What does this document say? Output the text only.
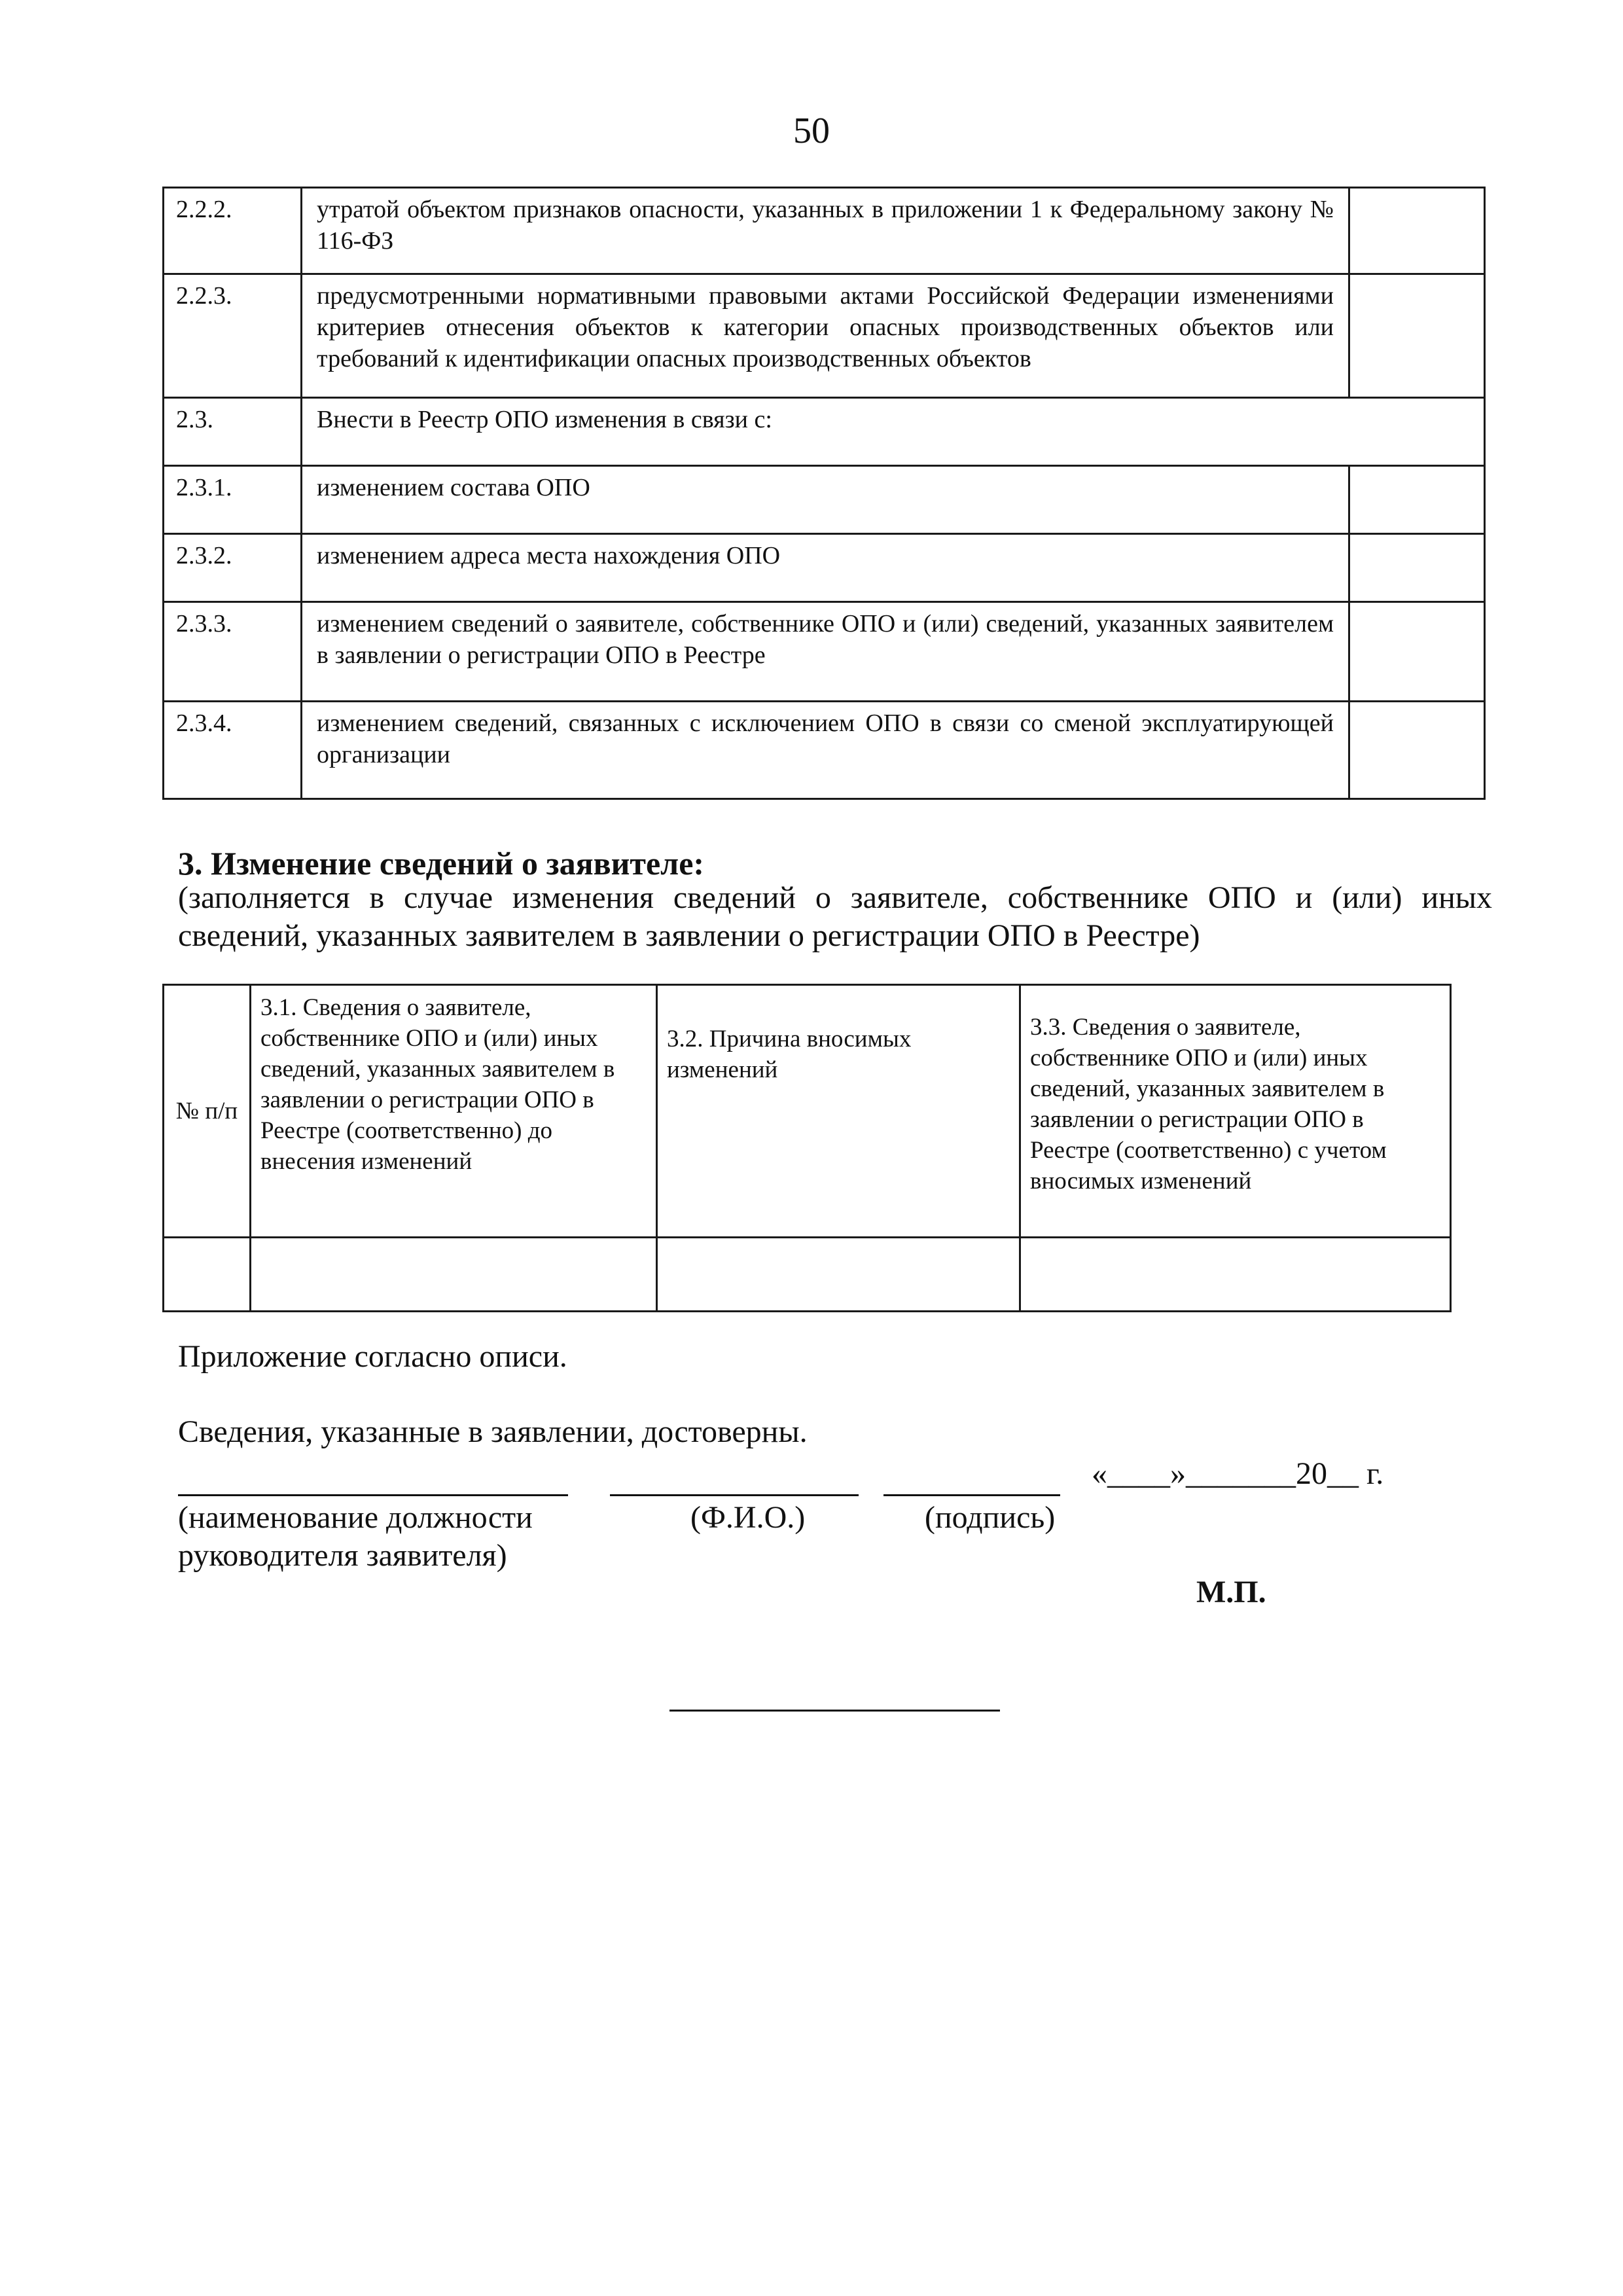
50
2.2.2.	утратой объектом признаков опасности, указанных в приложении 1 к Федеральному закону № 116-ФЗ	
2.2.3.	предусмотренными нормативными правовыми актами Российской Федерации изменениями критериев отнесения объектов к категории опасных производственных объектов или требований к идентификации опасных производственных объектов	
2.3.	Внести в Реестр ОПО изменения в связи с:	
2.3.1.	изменением состава ОПО	
2.3.2.	изменением адреса места нахождения ОПО	
2.3.3.	изменением сведений о заявителе, собственнике ОПО и (или) сведений, указанных заявителем в заявлении о регистрации ОПО в Реестре	
2.3.4.	изменением сведений, связанных с исключением ОПО в связи со сменой эксплуатирующей организации	
3. Изменение сведений о заявителе:
(заполняется в случае изменения сведений о заявителе, собственнике ОПО и (или) иных сведений, указанных заявителем в заявлении о регистрации ОПО в Реестре)
№ п/п	3.1. Сведения о заявителе, собственнике ОПО и (или) иных сведений, указанных заявителем в заявлении о регистрации ОПО в Реестре (соответственно) до внесения изменений	3.2. Причина вносимых изменений	3.3. Сведения о заявителе, собственнике ОПО и (или) иных сведений, указанных заявителем в заявлении о регистрации ОПО в Реестре (соответственно) с учетом вносимых изменений

Приложение согласно описи.
Сведения, указанные в заявлении, достоверны.
«____»_______20__ г.
(наименование должности руководителя заявителя)
(Ф.И.О.)	(подпись)
М.П.
